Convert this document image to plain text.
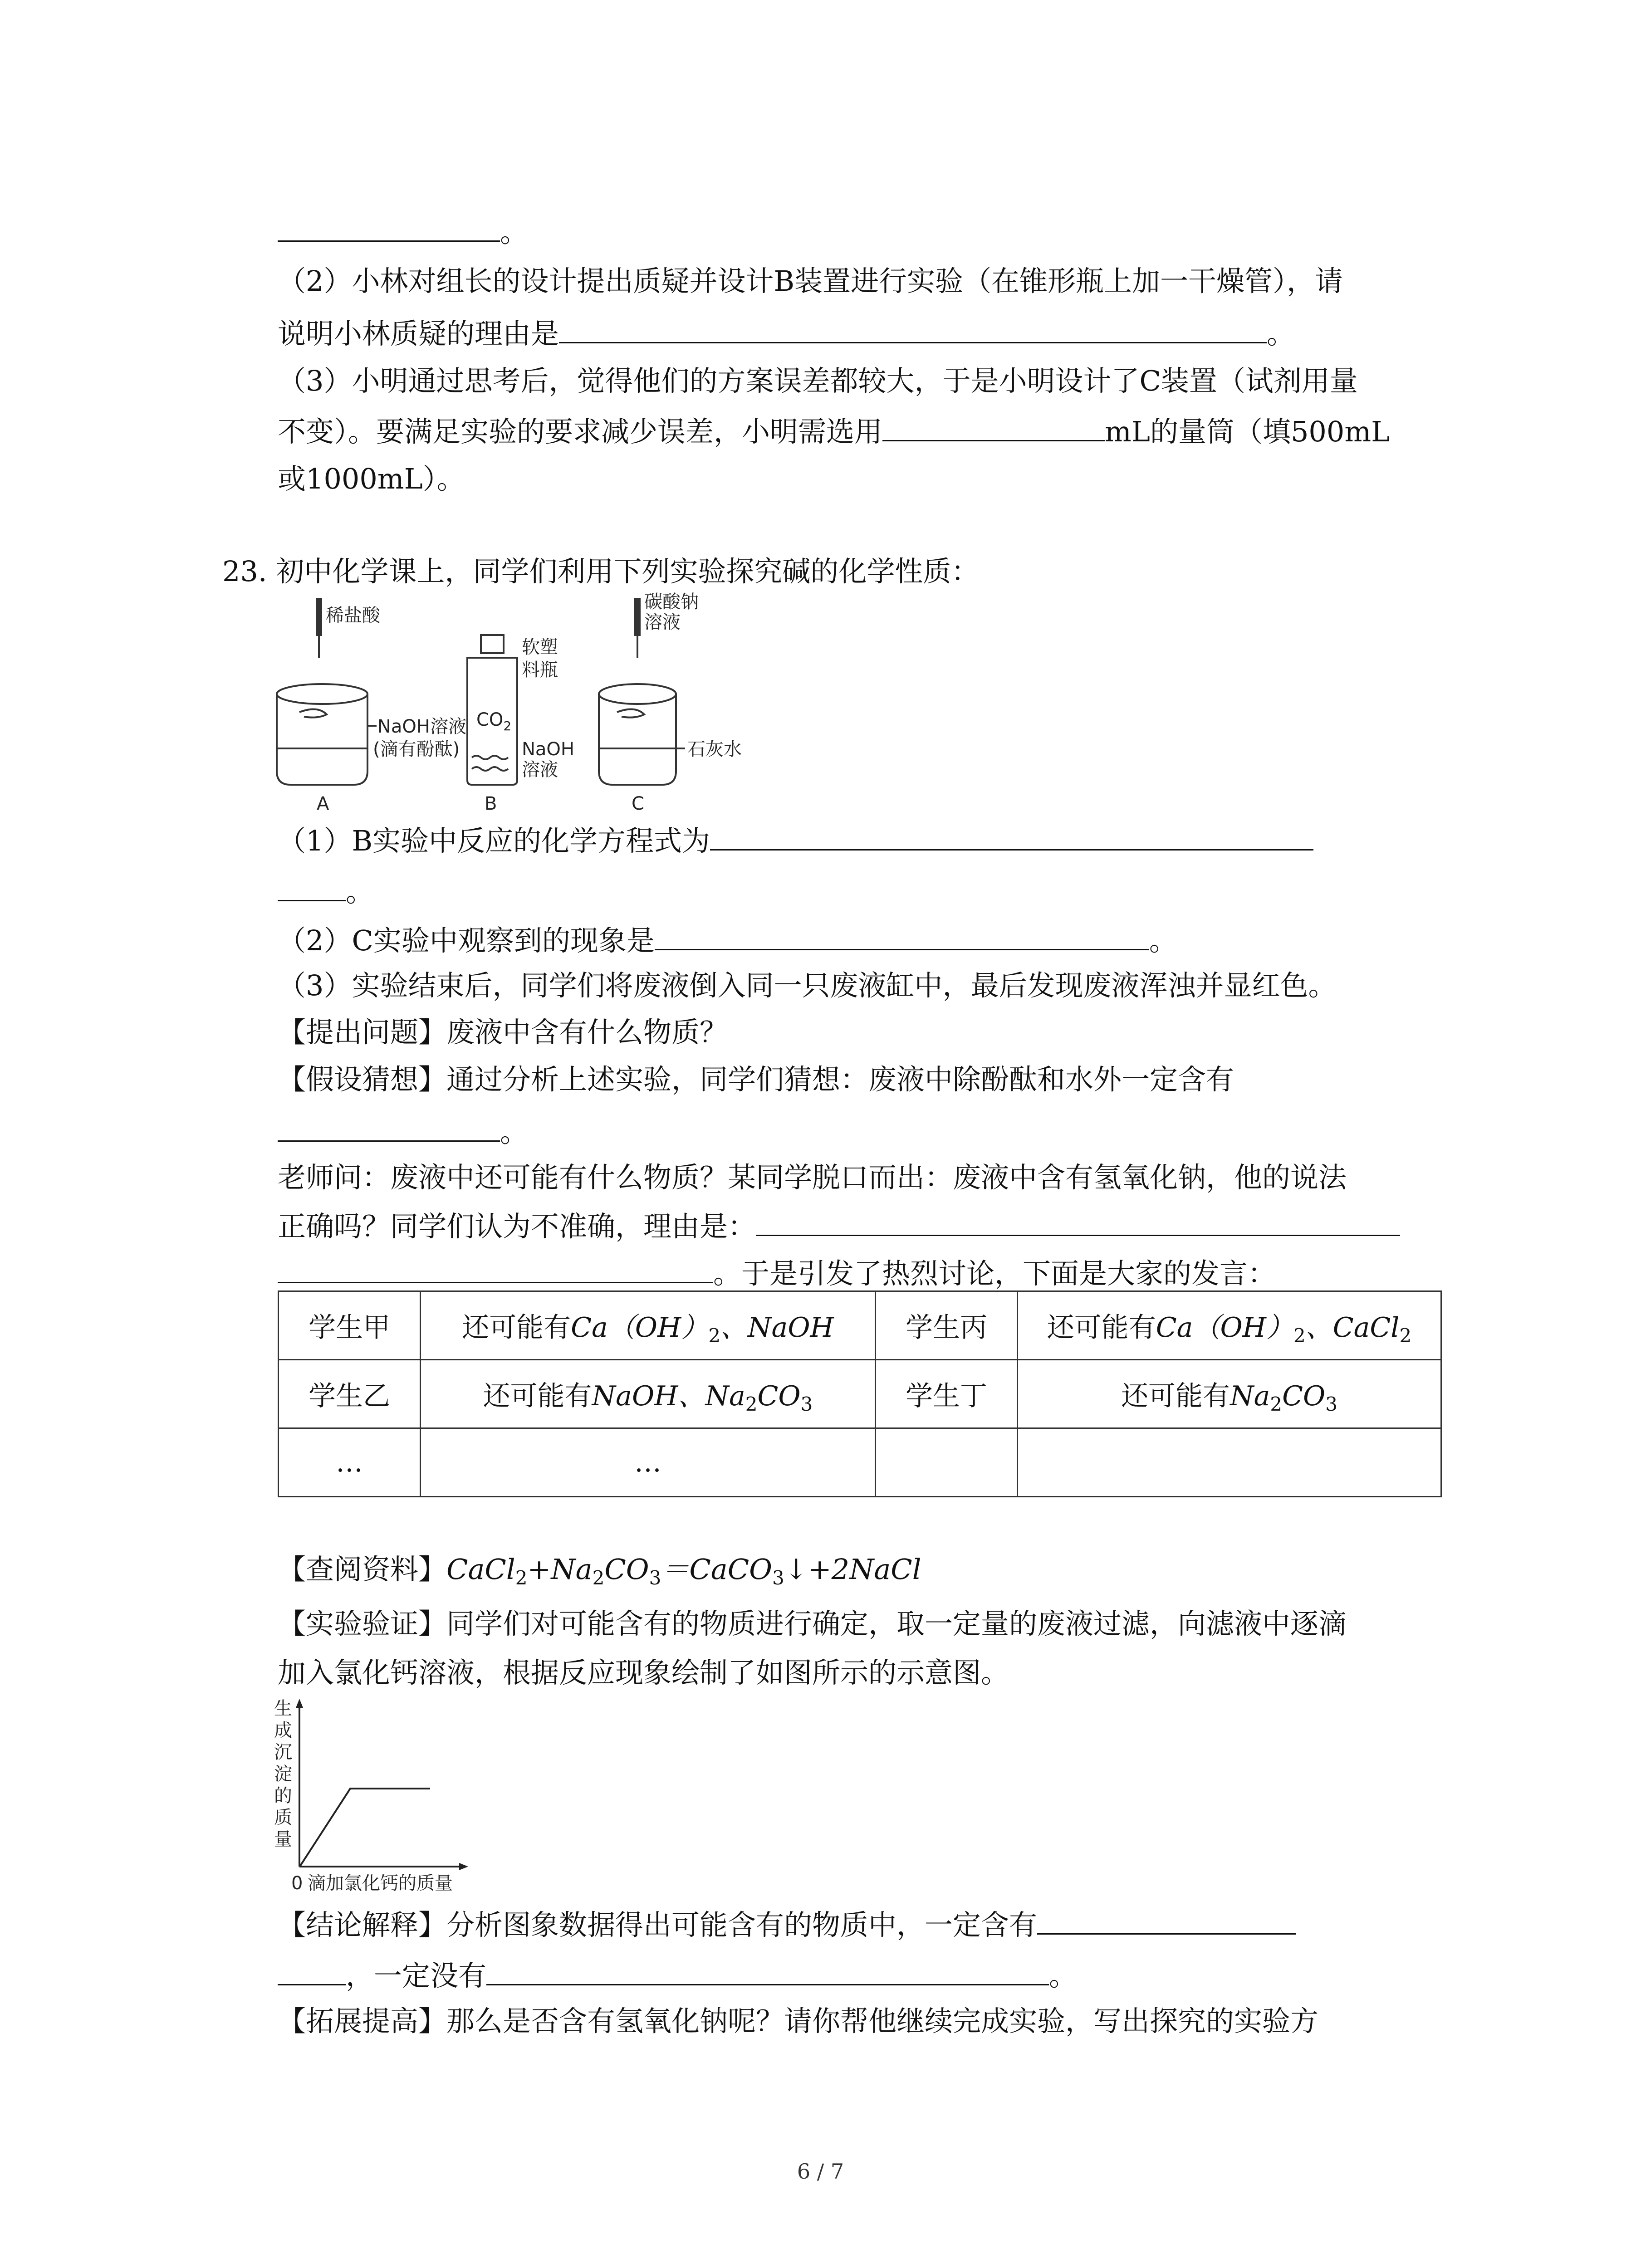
。
（2）小林对组长的设计提出质疑并设计B装置进行实验（在锥形瓶上加一干燥管），请
说明小林质疑的理由是	。
（3）小明通过思考后，觉得他们的方案误差都较大，于是小明设计了C装置（试剂用量
不变）。要满足实验的要求减少误差，小明需选用	mL的量筒（填500mL
或1000mL）。
23. 初中化学课上，同学们利用下列实验探究碱的化学性质：
稀盐酸
NaOH溶液
(滴有酚酞)
A
软塑
料瓶
$CO_2$
NaOH
溶液
B
碳酸钠
溶液
石灰水
C
（1）B实验中反应的化学方程式为
。
（2）C实验中观察到的现象是	。
（3）实验结束后，同学们将废液倒入同一只废液缸中，最后发现废液浑浊并显红色。
【提出问题】废液中含有什么物质？
【假设猜想】通过分析上述实验，同学们猜想：废液中除酚酞和水外一定含有
。
老师问：废液中还可能有什么物质？某同学脱口而出：废液中含有氢氧化钠，他的说法
正确吗？同学们认为不准确，理由是：
。于是引发了热烈讨论，下面是大家的发言：
学生甲	还可能有$Ca(OH)_2$、NaOH	学生丙	还可能有$Ca(OH)_2$、CaCl$_2$
学生乙	还可能有NaOH、$Na_2CO_3$	学生丁	还可能有$Na_2CO_3$
…	…		
【查阅资料】$CaCl_2+Na_2CO_3=CaCO_3↓+2NaCl$
【实验验证】同学们对可能含有的物质进行确定，取一定量的废液过滤，向滤液中逐滴
加入氯化钙溶液，根据反应现象绘制了如图所示的示意图。
生
成
沉
淀
的
质
量
0 滴加氯化钙的质量
【结论解释】分析图象数据得出可能含有的物质中，一定含有
，一定没有	。
【拓展提高】那么是否含有氢氧化钠呢？请你帮他继续完成实验，写出探究的实验方
6 / 7
